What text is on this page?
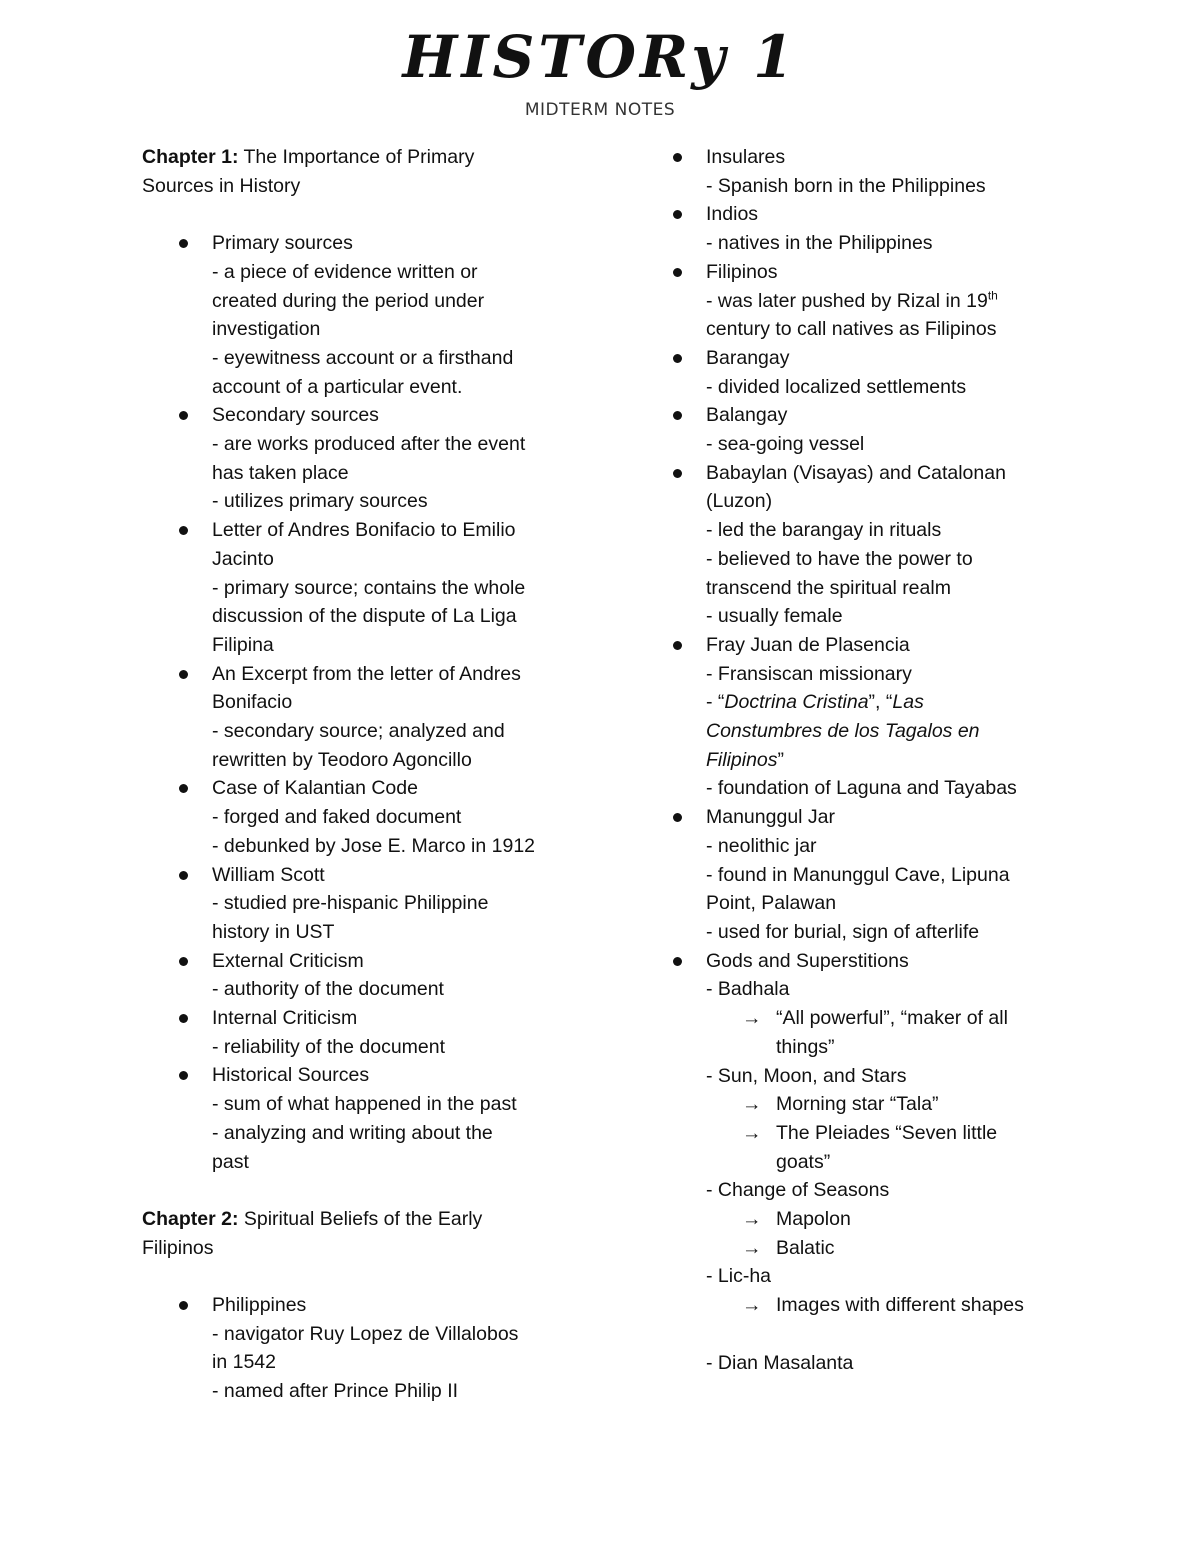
HISTORy 1
MIDTERM NOTES
Chapter 1: The Importance of Primary
Sources in History
Primary sources
- a piece of evidence written or
created during the period under
investigation
- eyewitness account or a firsthand
account of a particular event.
Secondary sources
- are works produced after the event
has taken place
- utilizes primary sources
Letter of Andres Bonifacio to Emilio
Jacinto
- primary source; contains the whole
discussion of the dispute of La Liga
Filipina
An Excerpt from the letter of Andres
Bonifacio
- secondary source; analyzed and
rewritten by Teodoro Agoncillo
Case of Kalantian Code
- forged and faked document
- debunked by Jose E. Marco in 1912
William Scott
- studied pre-hispanic Philippine
history in UST
External Criticism
- authority of the document
Internal Criticism
- reliability of the document
Historical Sources
- sum of what happened in the past
- analyzing and writing about the
past
Chapter 2: Spiritual Beliefs of the Early
Filipinos
Philippines
- navigator Ruy Lopez de Villalobos
in 1542
- named after Prince Philip II
Insulares
- Spanish born in the Philippines
Indios
- natives in the Philippines
Filipinos
- was later pushed by Rizal in 19th
century to call natives as Filipinos
Barangay
- divided localized settlements
Balangay
- sea-going vessel
Babaylan (Visayas) and Catalonan
(Luzon)
- led the barangay in rituals
- believed to have the power to
transcend the spiritual realm
- usually female
Fray Juan de Plasencia
- Fransiscan missionary
- “Doctrina Cristina”, “Las
Constumbres de los Tagalos en
Filipinos”
- foundation of Laguna and Tayabas
Manunggul Jar
- neolithic jar
- found in Manunggul Cave, Lipuna
Point, Palawan
- used for burial, sign of afterlife
Gods and Superstitions
- Badhala
→ “All powerful”, “maker of all
things”
- Sun, Moon, and Stars
→ Morning star “Tala”
→ The Pleiades “Seven little
goats”
- Change of Seasons
→ Mapolon
→ Balatic
- Lic-ha
→ Images with different shapes

- Dian Masalanta
